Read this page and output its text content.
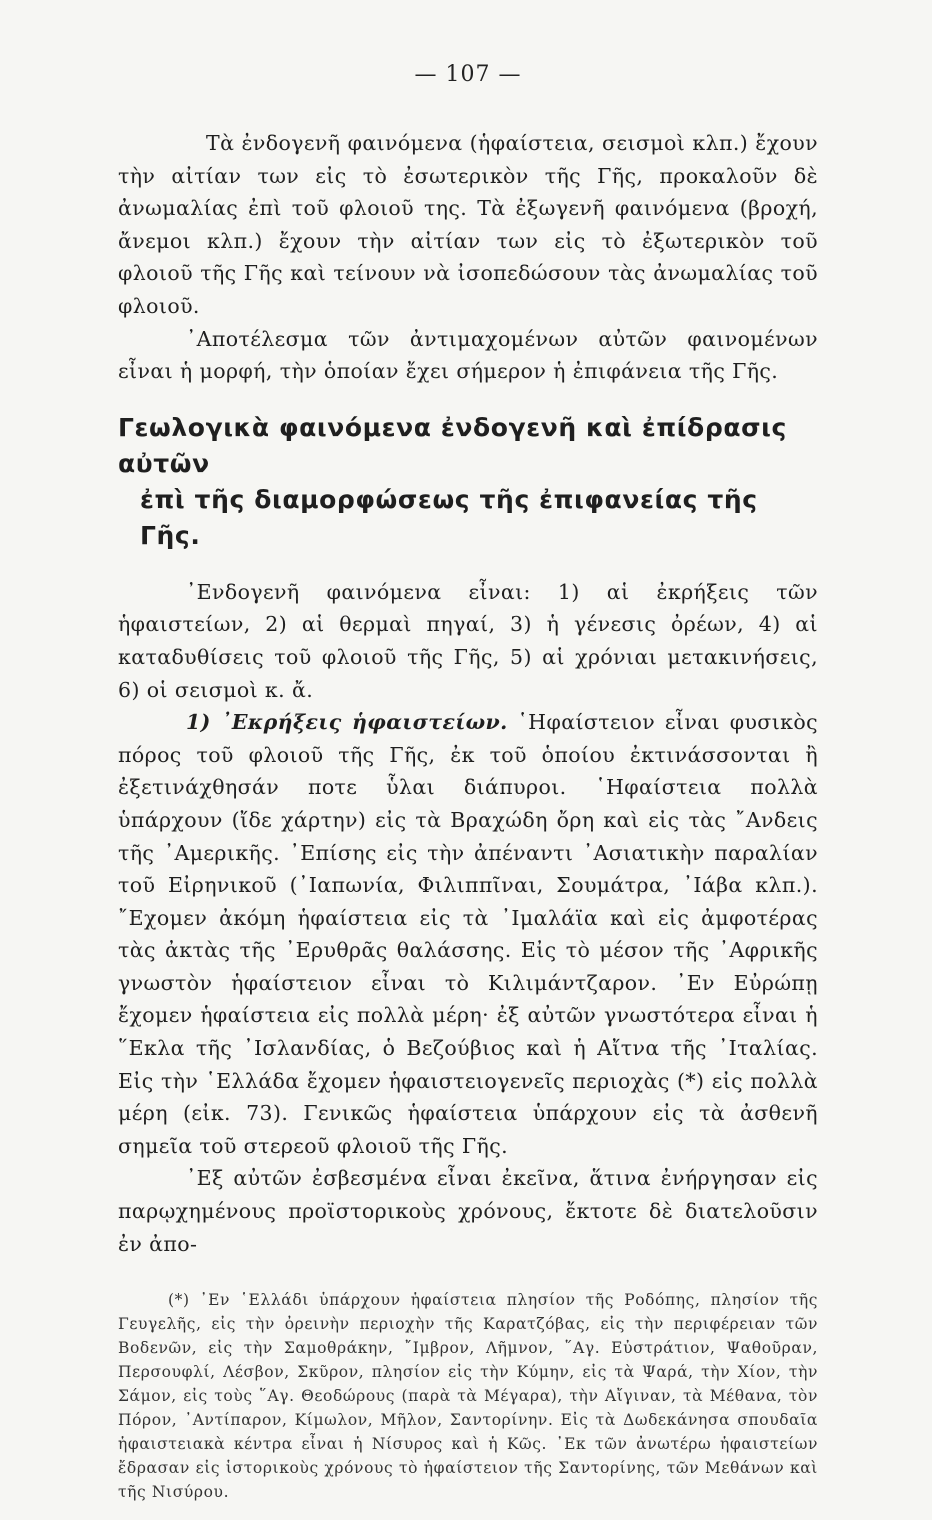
— 107 —

Τὰ ἐνδογενῆ φαινόμενα (ἡφαίστεια, σεισμοὶ κλπ.) ἔχουν τὴν αἰτίαν των εἰς τὸ ἐσωτερικὸν τῆς Γῆς, προκαλοῦν δὲ ἀνωμαλίας ἐπὶ τοῦ φλοιοῦ της. Τὰ ἐξωγενῆ φαινόμενα (βροχή, ἄνεμοι κλπ.) ἔχουν τὴν αἰτίαν των εἰς τὸ ἐξωτερικὸν τοῦ φλοιοῦ τῆς Γῆς καὶ τείνουν νὰ ἰσοπεδώσουν τὰς ἀνωμαλίας τοῦ φλοιοῦ.

᾿Αποτέλεσμα τῶν ἀντιμαχομένων αὐτῶν φαινομένων εἶναι ἡ μορφή, τὴν ὁποίαν ἔχει σήμερον ἡ ἐπιφάνεια τῆς Γῆς.

Γεωλογικὰ φαινόμενα ἐνδογενῆ καὶ ἐπίδρασις αὐτῶν
ἐπὶ τῆς διαμορφώσεως τῆς ἐπιφανείας τῆς Γῆς.

᾿Ενδογενῆ φαινόμενα εἶναι: 1) αἱ ἐκρήξεις τῶν ἡφαιστείων, 2) αἱ θερμαὶ πηγαί, 3) ἡ γένεσις ὀρέων, 4) αἱ καταδυθίσεις τοῦ φλοιοῦ τῆς Γῆς, 5) αἱ χρόνιαι μετακινήσεις, 6) οἱ σεισμοὶ κ. ἄ.

1) ᾿Εκρήξεις ἡφαιστείων. ῾Ηφαίστειον εἶναι φυσικὸς πόρος τοῦ φλοιοῦ τῆς Γῆς, ἐκ τοῦ ὁποίου ἐκτινάσσονται ἢ ἐξετινάχθησάν ποτε ὗλαι διάπυροι. ῾Ηφαίστεια πολλὰ ὑπάρχουν (ἴδε χάρτην) εἰς τὰ Βραχώδη ὄρη καὶ εἰς τὰς ῎Ανδεις τῆς ᾿Αμερικῆς. ᾿Επίσης εἰς τὴν ἀπέναντι ᾿Ασιατικὴν παραλίαν τοῦ Εἰρηνικοῦ (᾿Ιαπωνία, Φιλιππῖναι, Σουμάτρα, ᾿Ιάβα κλπ.). ῎Εχομεν ἀκόμη ἡφαίστεια εἰς τὰ ᾿Ιμαλάϊα καὶ εἰς ἀμφοτέρας τὰς ἀκτὰς τῆς ᾿Ερυθρᾶς θαλάσσης. Εἰς τὸ μέσον τῆς ᾿Αφρικῆς γνωστὸν ἡφαίστειον εἶναι τὸ Κιλιμάντζαρον. ᾿Εν Εὐρώπῃ ἔχομεν ἡφαίστεια εἰς πολλὰ μέρη· ἐξ αὐτῶν γνωστότερα εἶναι ἡ ῞Εκλα τῆς ᾿Ισλανδίας, ὁ Βεζούβιος καὶ ἡ Αἴτνα τῆς ᾿Ιταλίας. Εἰς τὴν ῾Ελλάδα ἔχομεν ἡφαιστειογενεῖς περιοχὰς (*) εἰς πολλὰ μέρη (εἰκ. 73). Γενικῶς ἡφαίστεια ὑπάρχουν εἰς τὰ ἀσθενῆ σημεῖα τοῦ στερεοῦ φλοιοῦ τῆς Γῆς.

᾿Εξ αὐτῶν ἐσβεσμένα εἶναι ἐκεῖνα, ἅτινα ἐνήργησαν εἰς παρῳχημένους προϊστορικοὺς χρόνους, ἔκτοτε δὲ διατελοῦσιν ἐν ἀπο-

(*) ᾿Εν ῾Ελλάδι ὑπάρχουν ἡφαίστεια πλησίον τῆς Ροδόπης, πλησίον τῆς Γευγελῆς, εἰς τὴν ὀρεινὴν περιοχὴν τῆς Καρατζόβας, εἰς τὴν περιφέρειαν τῶν Βοδενῶν, εἰς τὴν Σαμοθράκην, ῎Ιμβρον, Λῆμνον, ῞Αγ. Εὐστράτιον, Ψαθοῦραν, Περσουφλί, Λέσβον, Σκῦρον, πλησίον εἰς τὴν Κύμην, εἰς τὰ Ψαρά, τὴν Χίον, τὴν Σάμον, εἰς τοὺς ῞Αγ. Θεοδώρους (παρὰ τὰ Μέγαρα), τὴν Αἴγιναν, τὰ Μέθανα, τὸν Πόρον, ᾿Αντίπαρον, Κίμωλον, Μῆλον, Σαντορίνην. Εἰς τὰ Δωδεκάνησα σπουδαῖα ἡφαιστειακὰ κέντρα εἶναι ἡ Νίσυρος καὶ ἡ Κῶς. ᾿Εκ τῶν ἀνωτέρω ἡφαιστείων ἔδρασαν εἰς ἱστορικοὺς χρόνους τὸ ἡφαίστειον τῆς Σαντορίνης, τῶν Μεθάνων καὶ τῆς Νισύρου.
